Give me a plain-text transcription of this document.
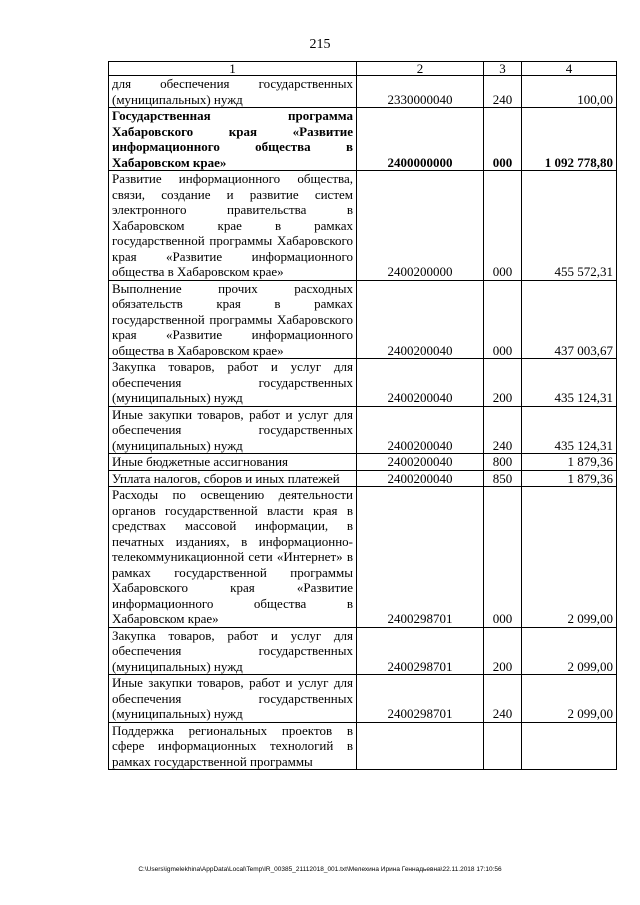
215
1	2	3	4
для обеспечения государственных (муниципальных) нужд	2330000040	240	100,00
Государственная программа Хабаровского края «Развитие информационного общества в Хабаровском крае»	2400000000	000	1 092 778,80
Развитие информационного общества, связи, создание и развитие систем электронного правительства в Хабаровском крае в рамках государственной программы Хабаровского края «Развитие информационного общества в Хабаровском крае»	2400200000	000	455 572,31
Выполнение прочих расходных обязательств края в рамках государственной программы Хабаровского края «Развитие информационного общества в Хабаровском крае»	2400200040	000	437 003,67
Закупка товаров, работ и услуг для обеспечения государственных (муниципальных) нужд	2400200040	200	435 124,31
Иные закупки товаров, работ и услуг для обеспечения государственных (муниципальных) нужд	2400200040	240	435 124,31
Иные бюджетные ассигнования	2400200040	800	1 879,36
Уплата налогов, сборов и иных платежей	2400200040	850	1 879,36
Расходы по освещению деятельности органов государственной власти края в средствах массовой информации, в печатных изданиях, в информационно-телекоммуникационной сети «Интернет» в рамках государственной программы Хабаровского края «Развитие информационного общества в Хабаровском крае»	2400298701	000	2 099,00
Закупка товаров, работ и услуг для обеспечения государственных (муниципальных) нужд	2400298701	200	2 099,00
Иные закупки товаров, работ и услуг для обеспечения государственных (муниципальных) нужд	2400298701	240	2 099,00
Поддержка региональных проектов в сфере информационных технологий в рамках государственной программы			
C:\Users\igmelekhina\AppData\Local\Temp\IR_00385_21112018_001.txt\Мелехина Ирина Геннадьевна\22.11.2018 17:10:56
